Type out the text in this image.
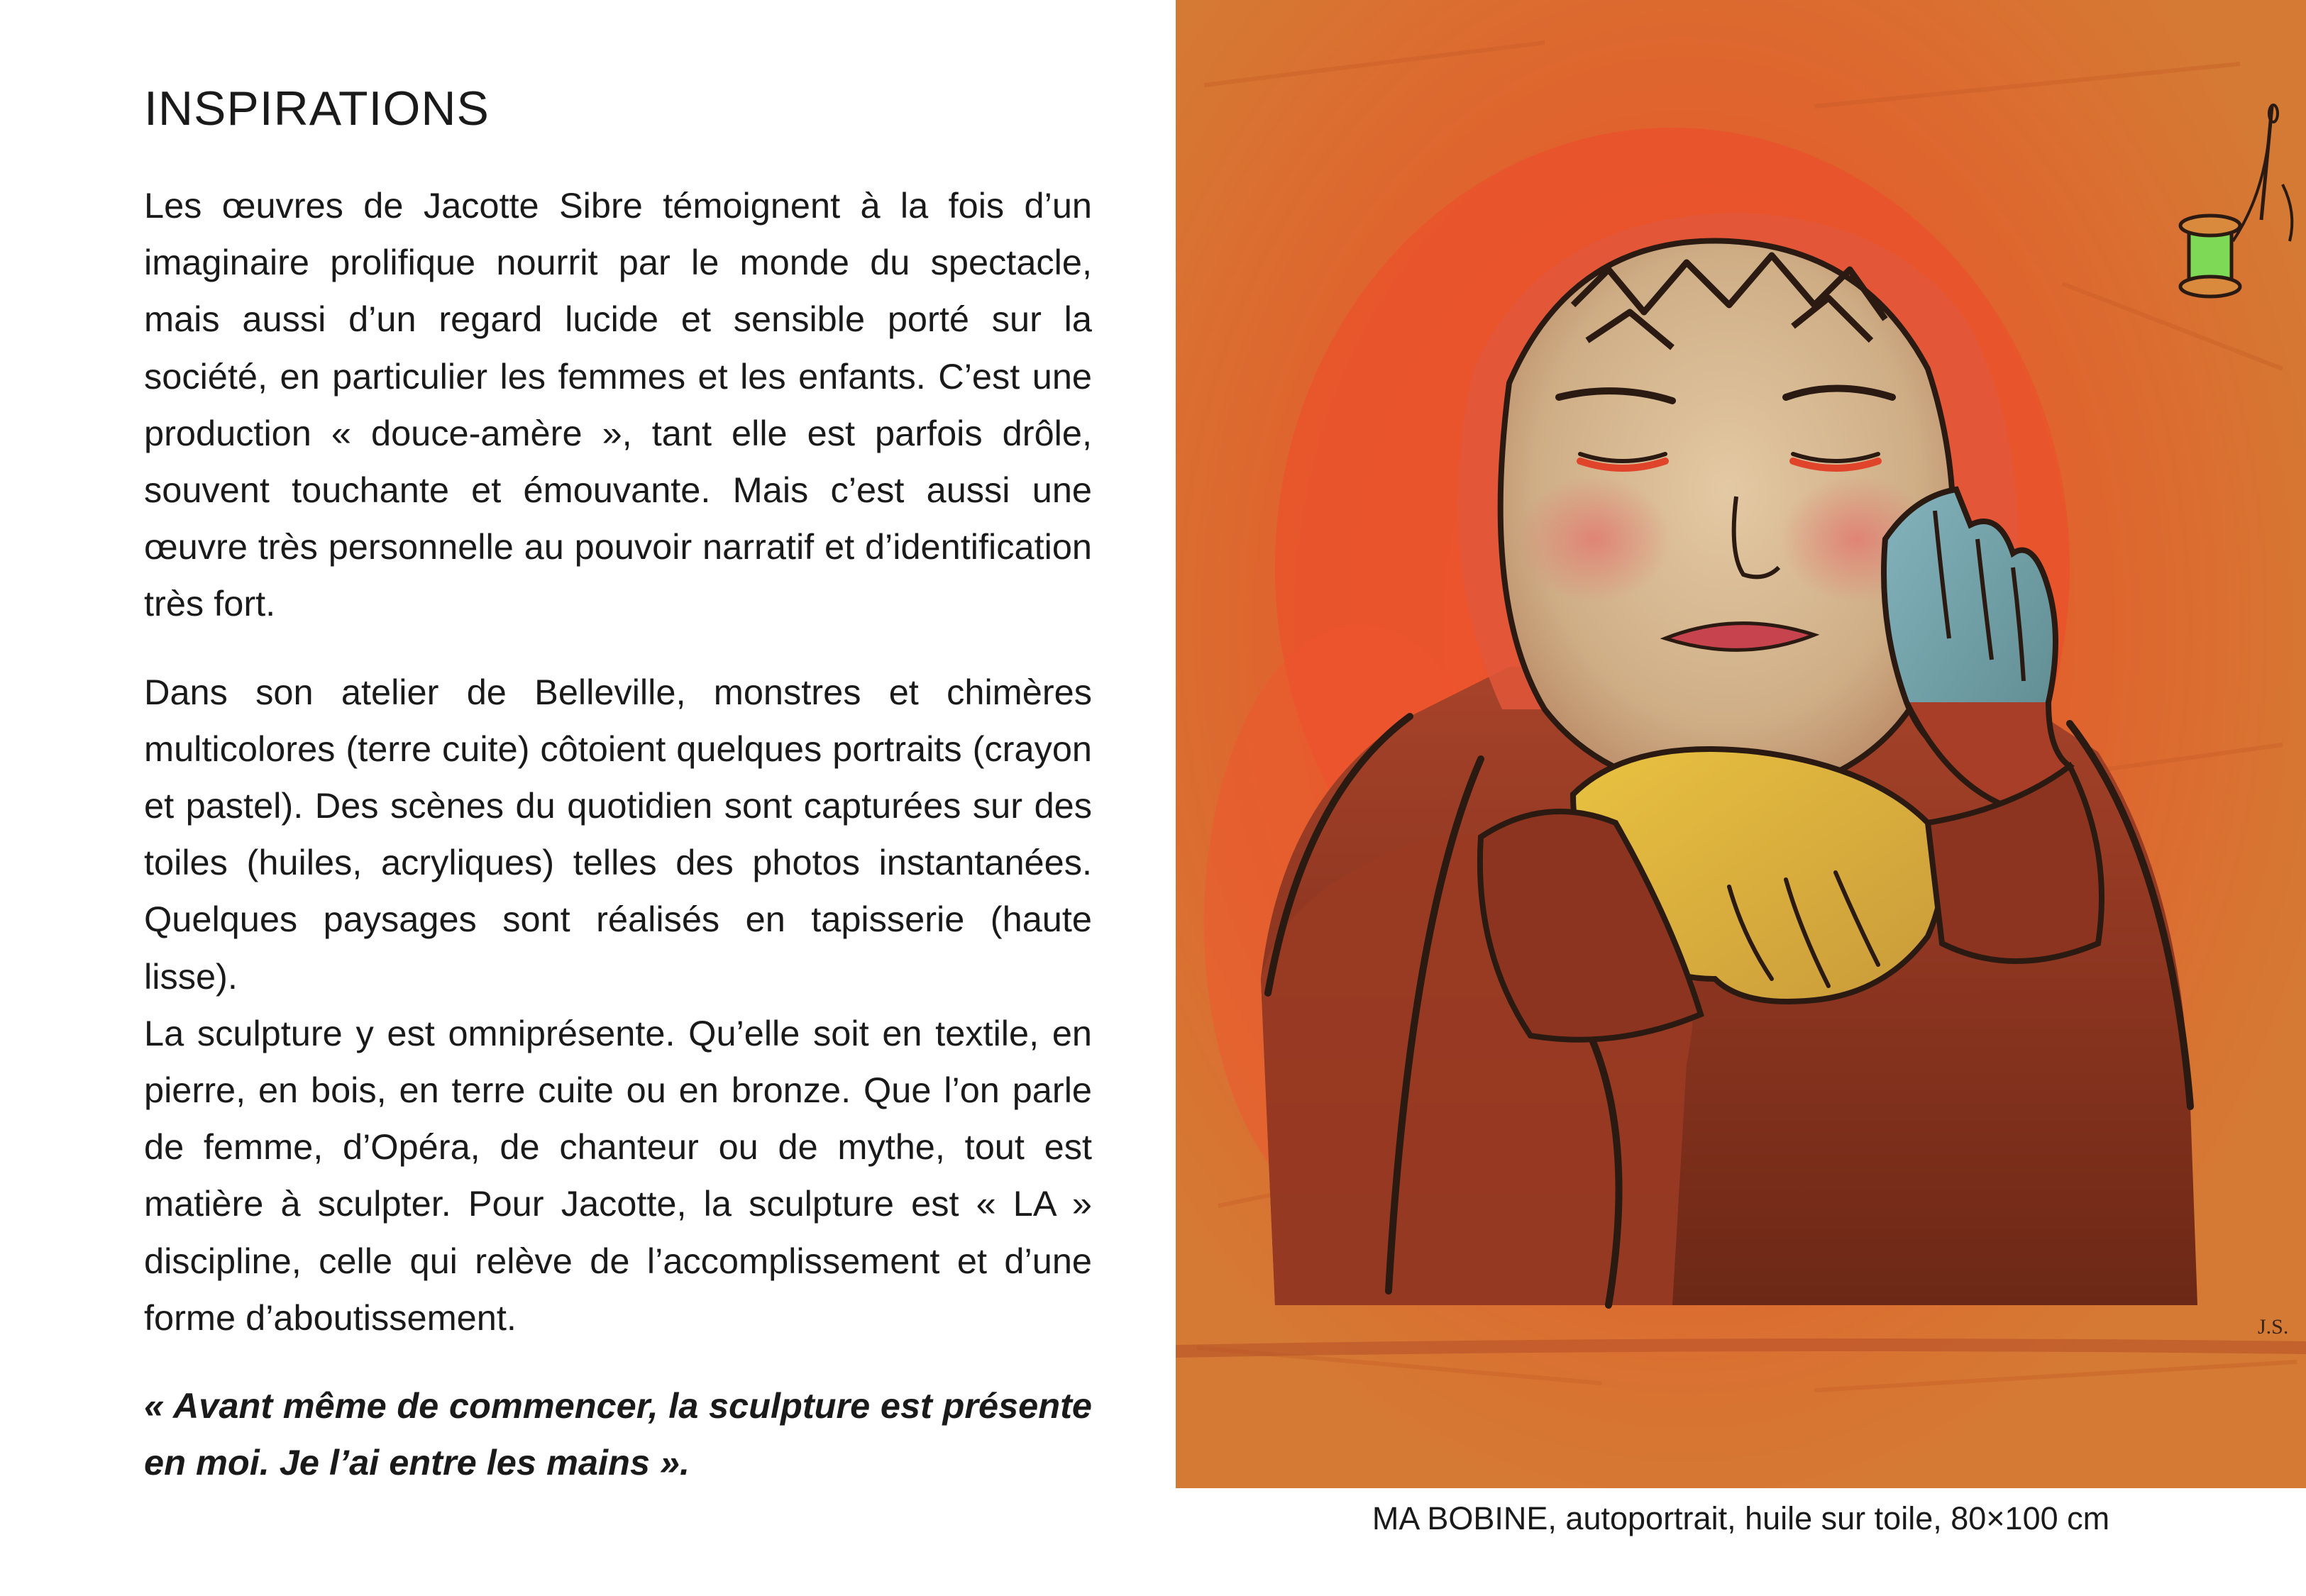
INSPIRATIONS

Les œuvres de Jacotte Sibre témoignent à la fois d’un imaginaire prolifique nourrit par le monde du spectacle, mais aussi d’un regard lucide et sensible porté sur la société, en particulier les femmes et les enfants. C’est une production « douce-amère », tant elle est parfois drôle, souvent touchante et émouvante. Mais c’est aussi une œuvre très personnelle au pouvoir narratif et d’identification très fort.

Dans son atelier de Belleville, monstres et chimères multicolores (terre cuite) côtoient quelques portraits (crayon et pastel). Des scènes du quotidien sont capturées sur des toiles (huiles, acryliques) telles des photos instantanées. Quelques paysages sont réalisés en tapisserie (haute lisse).

La sculpture y est omniprésente. Qu’elle soit en textile, en pierre, en bois, en terre cuite ou en bronze. Que l’on parle de femme, d’Opéra, de chanteur ou de mythe, tout est matière à sculpter. Pour Jacotte, la sculpture est « LA » discipline, celle qui relève de l’accomplissement et d’une forme d’aboutissement.

« Avant même de commencer, la sculpture est présente en moi. Je l’ai entre les mains ».

J.S.
MA BOBINE, autoportrait, huile sur toile, 80×100 cm
